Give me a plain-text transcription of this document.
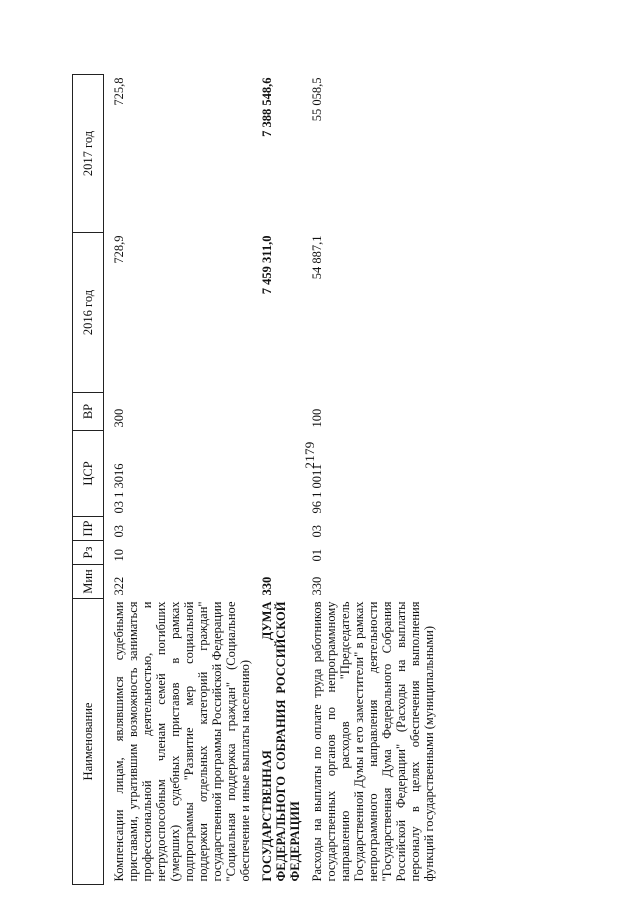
2179
Наименование	Мин	Рз	ПР	ЦСР	ВР	2016 год	2017 год

Компенсации лицам, являвшимся судебными приставами, утратившим возможность заниматься профессиональной деятельностью, и нетрудоспособным членам семей погибших (умерших) судебных приставов в рамках подпрограммы "Развитие мер социальной поддержки отдельных категорий граждан" государственной программы Российской Федерации "Социальная поддержка граждан" (Социальное обеспечение и иные выплаты населению)	322	10	03	03 1 3016	300	728,9	725,8

ГОСУДАРСТВЕННАЯ ДУМА ФЕДЕРАЛЬНОГО СОБРАНИЯ РОССИЙСКОЙ ФЕДЕРАЦИИ	330					7 459 311,0	7 388 548,6

Расходы на выплаты по оплате труда работников государственных органов по непрограммному направлению расходов "Председатель Государственной Думы и его заместители" в рамках непрограммного направления деятельности "Государственная Дума Федерального Собрания Российской Федерации" (Расходы на выплаты персоналу в целях обеспечения выполнения функций государственными (муниципальными)	330	01	03	96 1 0011	100	54 887,1	55 058,5
